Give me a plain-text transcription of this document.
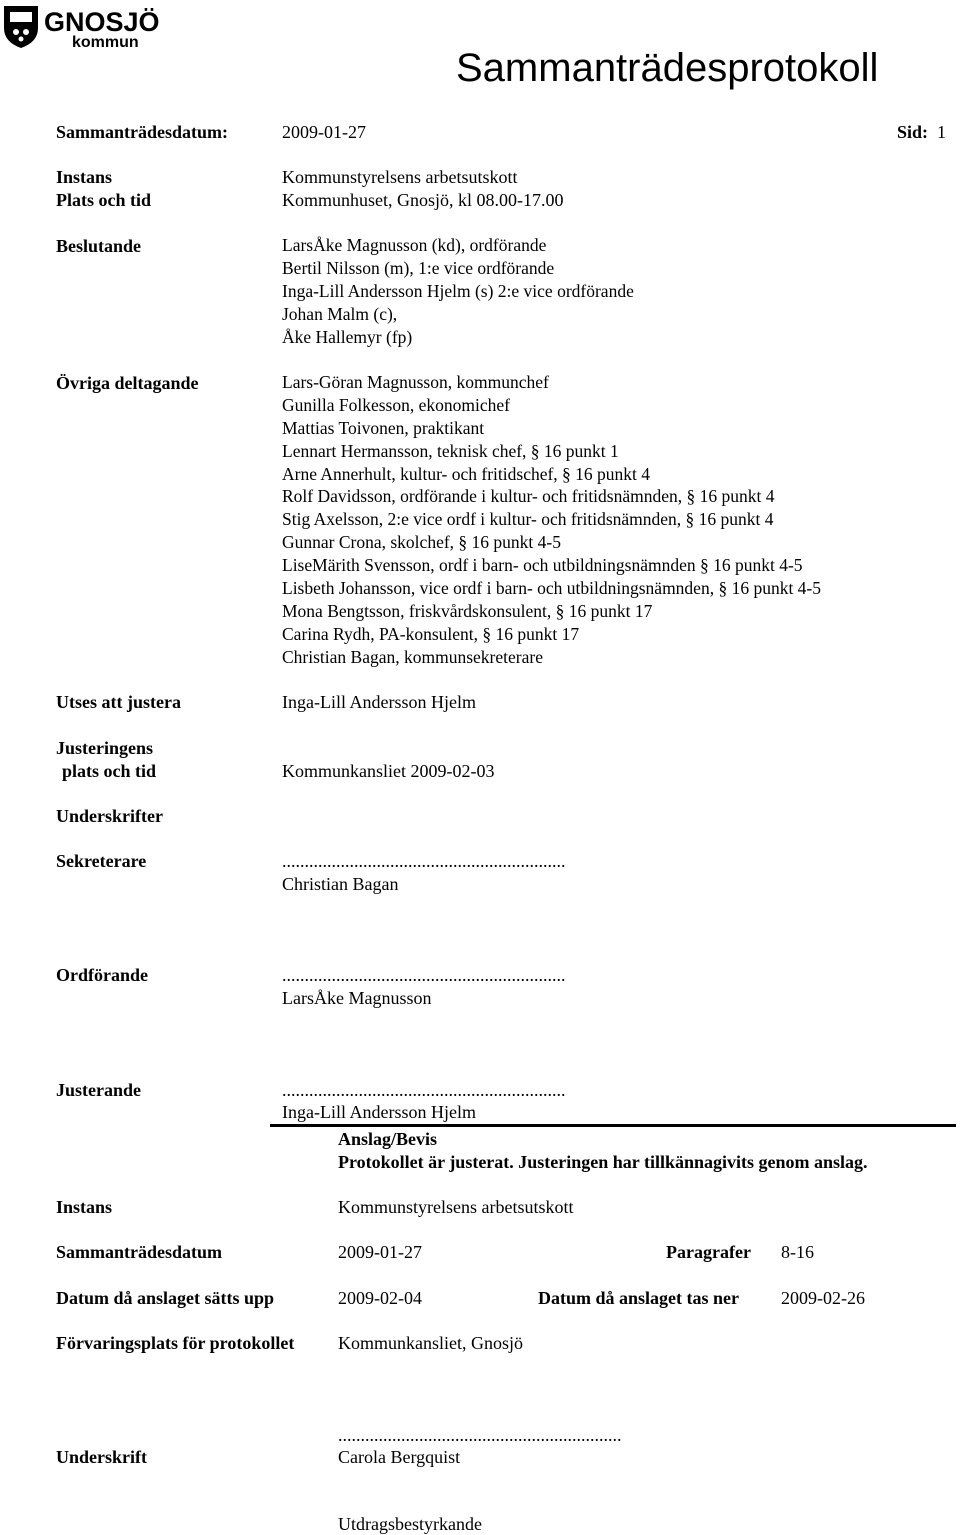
GNOSJÖ
kommun
Sammanträdesprotokoll
Sammanträdesdatum:	2009-01-27	Sid: 1
Instans	Kommunstyrelsens arbetsutskott
Plats och tid	Kommunhuset, Gnosjö, kl 08.00-17.00
Beslutande	LarsÅke Magnusson (kd), ordförande
Bertil Nilsson (m), 1:e vice ordförande
Inga-Lill Andersson Hjelm (s) 2:e vice ordförande
Johan Malm (c),
Åke Hallemyr (fp)
Övriga deltagande	Lars-Göran Magnusson, kommunchef
Gunilla Folkesson, ekonomichef
Mattias Toivonen, praktikant
Lennart Hermansson, teknisk chef, § 16 punkt 1
Arne Annerhult, kultur- och fritidschef, § 16 punkt 4
Rolf Davidsson, ordförande i kultur- och fritidsnämnden, § 16 punkt 4
Stig Axelsson, 2:e vice ordf i kultur- och fritidsnämnden, § 16 punkt 4
Gunnar Crona, skolchef, § 16 punkt 4-5
LiseMärith Svensson, ordf i barn- och utbildningsnämnden § 16 punkt 4-5
Lisbeth Johansson, vice ordf i barn- och utbildningsnämnden, § 16 punkt 4-5
Mona Bengtsson, friskvårdskonsulent, § 16 punkt 17
Carina Rydh, PA-konsulent, § 16 punkt 17
Christian Bagan, kommunsekreterare
Utses att justera	Inga-Lill Andersson Hjelm
Justeringens
plats och tid	Kommunkansliet 2009-02-03
Underskrifter
Sekreterare	...............................................................
Christian Bagan
Ordförande	...............................................................
LarsÅke Magnusson
Justerande	...............................................................
Inga-Lill Andersson Hjelm
Anslag/Bevis
Protokollet är justerat. Justeringen har tillkännagivits genom anslag.
Instans	Kommunstyrelsens arbetsutskott
Sammanträdesdatum	2009-01-27	Paragrafer 8-16
Datum då anslaget sätts upp	2009-02-04	Datum då anslaget tas ner 2009-02-26
Förvaringsplats för protokollet Kommunkansliet, Gnosjö
...............................................................
Underskrift	Carola Bergquist
Utdragsbestyrkande
